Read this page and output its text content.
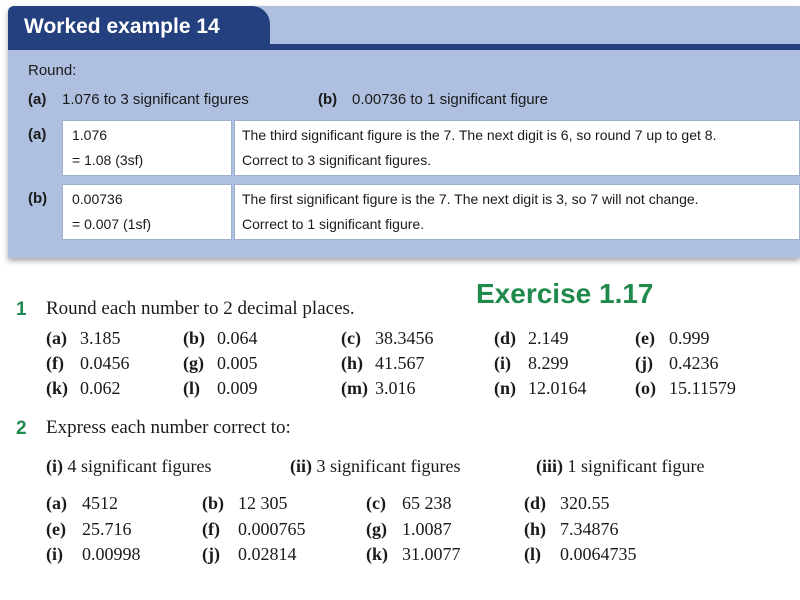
Worked example 14
Round:
(a) 1.076 to 3 significant figures	(b) 0.00736 to 1 significant figure
(a) 1.076
= 1.08 (3sf)
The third significant figure is the 7. The next digit is 6, so round 7 up to get 8.
Correct to 3 significant figures.
(b) 0.00736
= 0.007 (1sf)
The first significant figure is the 7. The next digit is 3, so 7 will not change.
Correct to 1 significant figure.
Exercise 1.17
1 Round each number to 2 decimal places.
(a) 3.185	(b) 0.064	(c) 38.3456	(d) 2.149	(e) 0.999
(f) 0.0456	(g) 0.005	(h) 41.567	(i) 8.299	(j) 0.4236
(k) 0.062	(l) 0.009	(m) 3.016	(n) 12.0164	(o) 15.11579
2 Express each number correct to:
(i) 4 significant figures	(ii) 3 significant figures	(iii) 1 significant figure
(a) 4512	(b) 12 305	(c) 65 238	(d) 320.55
(e) 25.716	(f) 0.000765	(g) 1.0087	(h) 7.34876
(i) 0.00998	(j) 0.02814	(k) 31.0077	(l) 0.0064735
